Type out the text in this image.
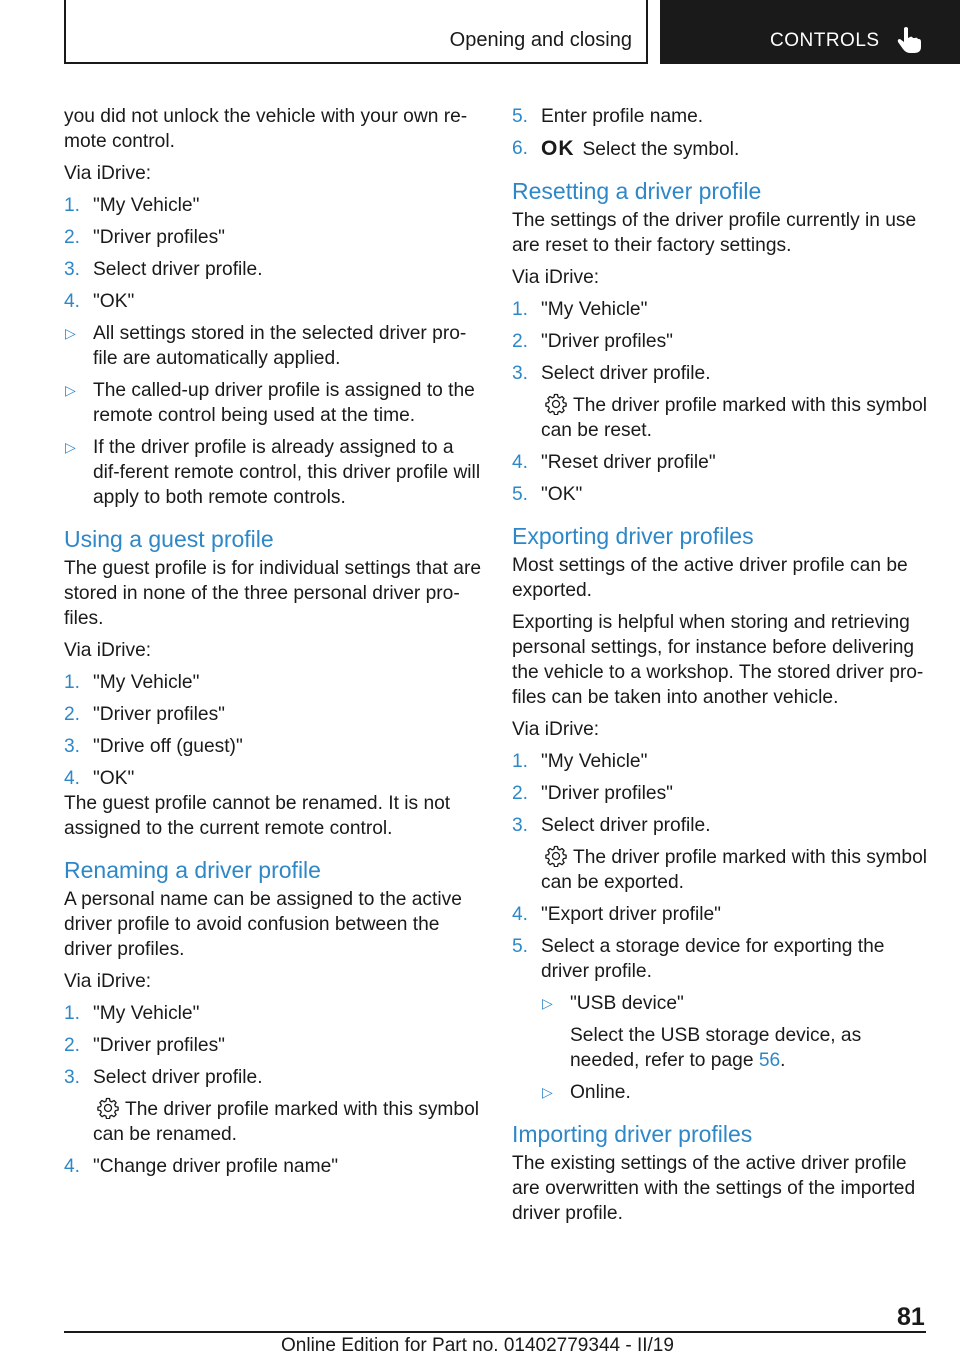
Opening and closing	CONTROLS

you did not unlock the vehicle with your own re-mote control.

Via iDrive:

1. "My Vehicle"
2. "Driver profiles"
3. Select driver profile.
4. "OK"
▷ All settings stored in the selected driver pro-file are automatically applied.
▷ The called-up driver profile is assigned to the remote control being used at the time.
▷ If the driver profile is already assigned to a dif-ferent remote control, this driver profile will apply to both remote controls.
Using a guest profile

The guest profile is for individual settings that are stored in none of the three personal driver pro-files.

Via iDrive:

1. "My Vehicle"
2. "Driver profiles"
3. "Drive off (guest)"
4. "OK"

The guest profile cannot be renamed. It is not assigned to the current remote control.

Renaming a driver profile

A personal name can be assigned to the active driver profile to avoid confusion between the driver profiles.

Via iDrive:

1. "My Vehicle"
2. "Driver profiles"
3. Select driver profile.
The driver profile marked with this symbol can be renamed.
4. "Change driver profile name"
5. Enter profile name.
6. OK Select the symbol.
Resetting a driver profile

The settings of the driver profile currently in use are reset to their factory settings.

Via iDrive:

1. "My Vehicle"
2. "Driver profiles"
3. Select driver profile.
The driver profile marked with this symbol can be reset.
4. "Reset driver profile"
5. "OK"
Exporting driver profiles

Most settings of the active driver profile can be exported.

Exporting is helpful when storing and retrieving personal settings, for instance before delivering the vehicle to a workshop. The stored driver pro-files can be taken into another vehicle.

Via iDrive:

1. "My Vehicle"
2. "Driver profiles"
3. Select driver profile.
The driver profile marked with this symbol can be exported.
4. "Export driver profile"
5. Select a storage device for exporting the driver profile.
▷ "USB device"
Select the USB storage device, as needed, refer to page 56.
▷ Online.
Importing driver profiles

The existing settings of the active driver profile are overwritten with the settings of the imported driver profile.

81
Online Edition for Part no. 01402779344 - II/19
